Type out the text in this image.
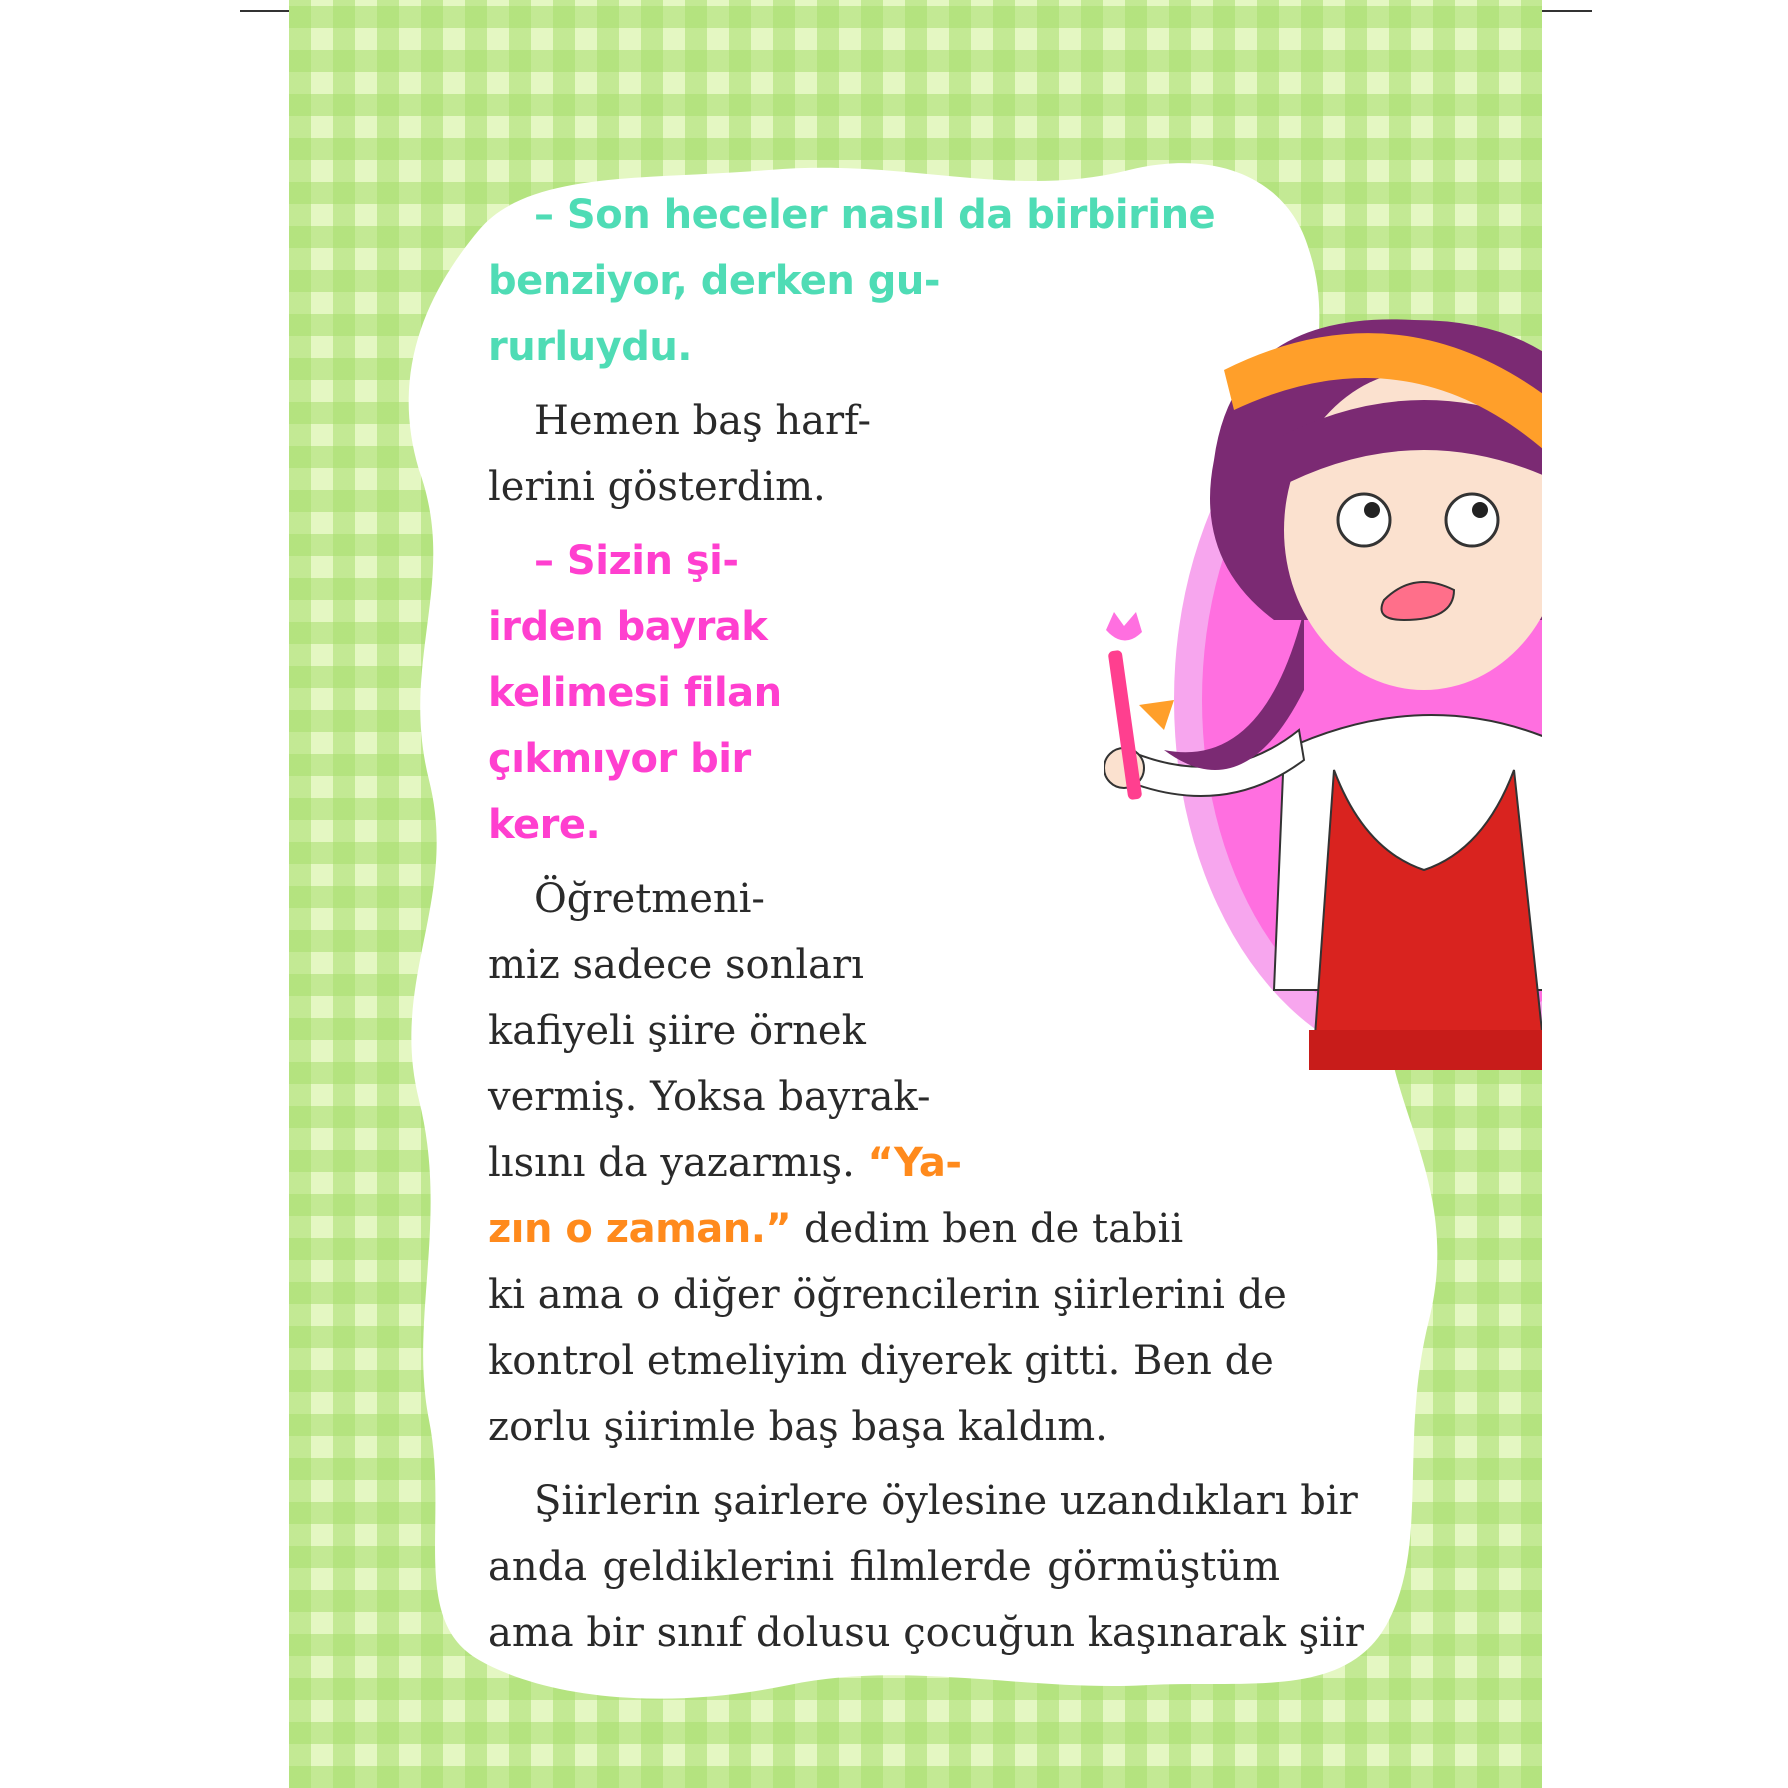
– Son heceler nasıl da birbirine
benziyor, derken gu-
rurluydu.
Hemen baş harf-
lerini gösterdim.
– Sizin şi-
irden bayrak
kelimesi filan
çıkmıyor bir
kere.
Öğretmeni-
miz sadece sonları
kafiyeli şiire örnek
vermiş. Yoksa bayrak-
lısını da yazarmış. “Ya-
zın o zaman.” dedim ben de tabii
ki ama o diğer öğrencilerin şiirlerini de
kontrol etmeliyim diyerek gitti. Ben de
zorlu şiirimle baş başa kaldım.
Şiirlerin şairlere öylesine uzandıkları bir
anda geldiklerini filmlerde görmüştüm
ama bir sınıf dolusu çocuğun kaşınarak şiir
